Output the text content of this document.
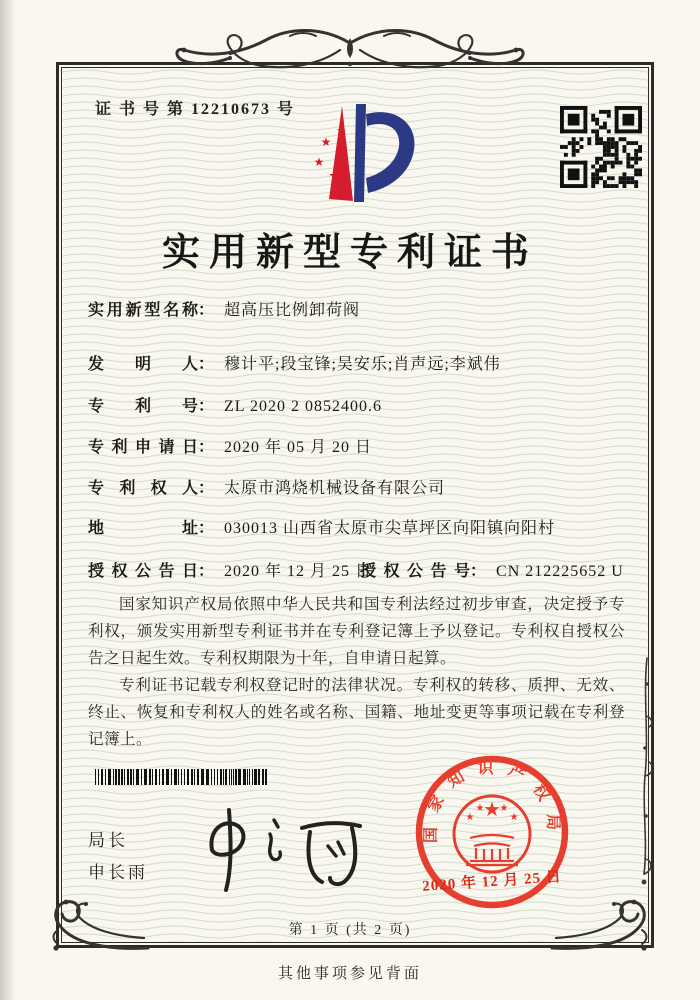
证 书 号 第 12210673 号
★
★
★
★
★
实用新型专利证书
实用新型名称： 超高压比例卸荷阀
发明人： 穆计平;段宝锋;吴安乐;肖声远;李斌伟
专利号： ZL 2020 2 0852400.6
专利申请日： 2020 年 05 月 20 日
专利权人： 太原市鸿烧机械设备有限公司
地址： 030013 山西省太原市尖草坪区向阳镇向阳村
授权公告日： 2020 年 12 月 25 日
授权公告号： CN 212225652 U

国家知识产权局依照中华人民共和国专利法经过初步审查，决定授予专利权，颁发实用新型专利证书并在专利登记簿上予以登记。专利权自授权公告之日起生效。专利权期限为十年，自申请日起算。

专利证书记载专利权登记时的法律状况。专利权的转移、质押、无效、终止、恢复和专利权人的姓名或名称、国籍、地址变更等事项记载在专利登记簿上。

局长
申长雨
★
★
★ ★
★
国家知识产权局
2020 年 12 月 25 日
第 1 页 (共 2 页)
其他事项参见背面
